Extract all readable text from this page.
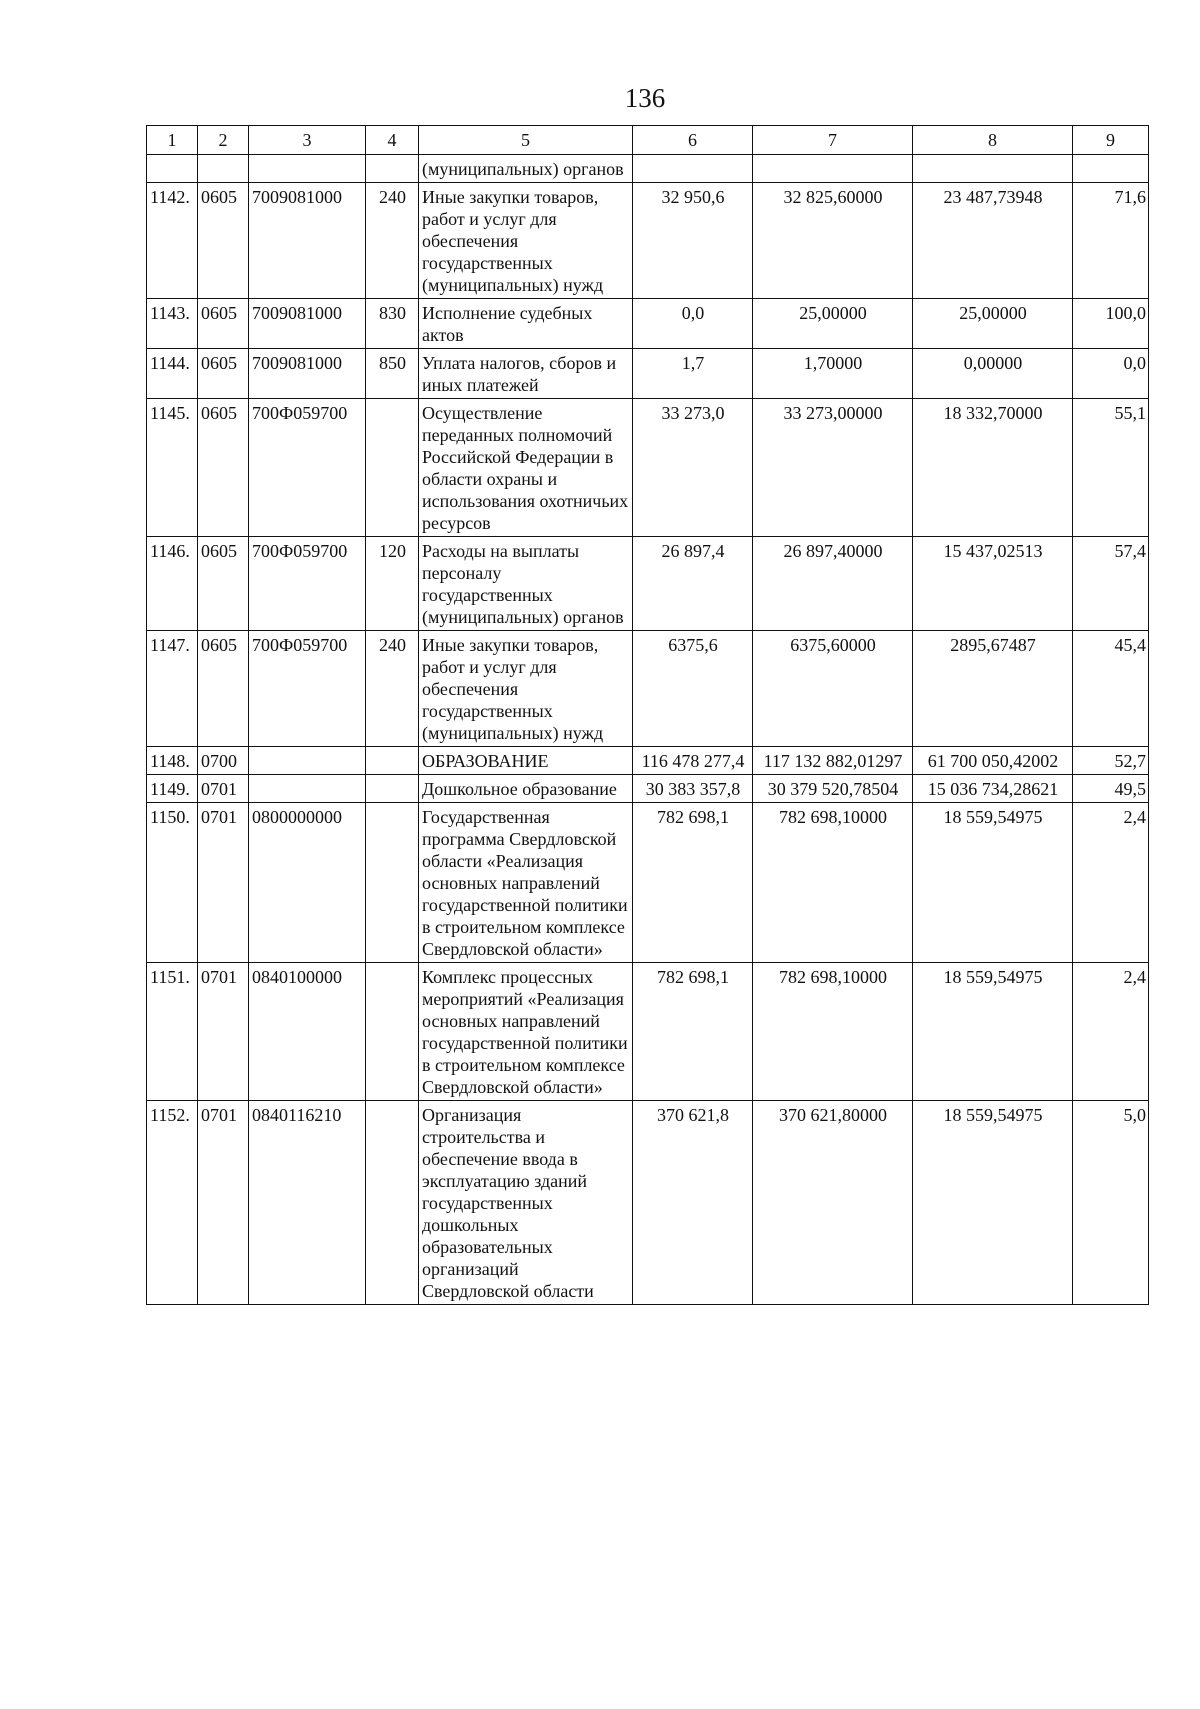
136
1	2	3	4	5	6	7	8	9
				(муниципальных) органов				
1142.	0605	7009081000	240	Иные закупки товаров, работ и услуг для обеспечения государственных (муниципальных) нужд	32 950,6	32 825,60000	23 487,73948	71,6
1143.	0605	7009081000	830	Исполнение судебных актов	0,0	25,00000	25,00000	100,0
1144.	0605	7009081000	850	Уплата налогов, сборов и иных платежей	1,7	1,70000	0,00000	0,0
1145.	0605	700Ф059700		Осуществление переданных полномочий Российской Федерации в области охраны и использования охотничьих ресурсов	33 273,0	33 273,00000	18 332,70000	55,1
1146.	0605	700Ф059700	120	Расходы на выплаты персоналу государственных (муниципальных) органов	26 897,4	26 897,40000	15 437,02513	57,4
1147.	0605	700Ф059700	240	Иные закупки товаров, работ и услуг для обеспечения государственных (муниципальных) нужд	6375,6	6375,60000	2895,67487	45,4
1148.	0700			ОБРАЗОВАНИЕ	116 478 277,4	117 132 882,01297	61 700 050,42002	52,7
1149.	0701			Дошкольное образование	30 383 357,8	30 379 520,78504	15 036 734,28621	49,5
1150.	0701	0800000000		Государственная программа Свердловской области «Реализация основных направлений государственной политики в строительном комплексе Свердловской области»	782 698,1	782 698,10000	18 559,54975	2,4
1151.	0701	0840100000		Комплекс процессных мероприятий «Реализация основных направлений государственной политики в строительном комплексе Свердловской области»	782 698,1	782 698,10000	18 559,54975	2,4
1152.	0701	0840116210		Организация строительства и обеспечение ввода в эксплуатацию зданий государственных дошкольных образовательных организаций Свердловской области	370 621,8	370 621,80000	18 559,54975	5,0
